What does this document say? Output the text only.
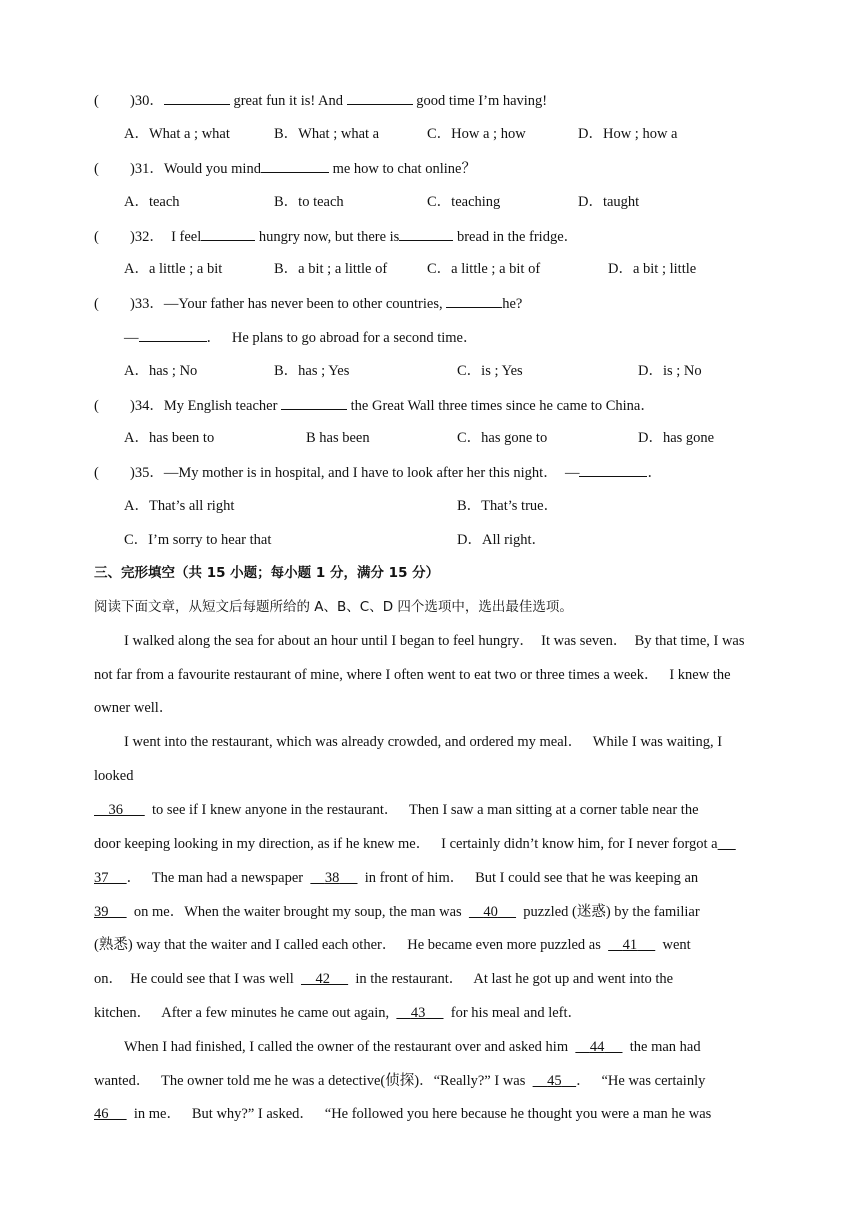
( )30．	great fun it is! And	good time I’m having!
A．What a ; what	B．What ; what a	C．How a ; how	D．How ; how a
( )31．Would you mind	me how to chat online？
A．teach	B．to teach	C．teaching	D．taught
( )32． I feel	hungry now, but there is	bread in the fridge．
A．a little ; a bit	B．a bit ; a little of	C．a little ; a bit of	D．a bit ; little
( )33．—Your father has never been to other countries,	he?
—	．   He plans to go abroad for a second time．
A．has ; No	B．has ; Yes	C．is ; Yes	D．is ; No
( )34．My English teacher	the Great Wall three times since he came to China．
A．has been to	B has been	C．has gone to	D．has gone
( )35．—My mother is in hospital, and I have to look after her this night．  —	．
A．That’s all right	B．That’s true．
C．I’m sorry to hear that	D．All right．
三、完形填空（共 15 小题；每小题 1 分，满分 15 分）
阅读下面文章，从短文后每题所给的 A、B、C、D 四个选项中，选出最佳选项。
I walked along the sea for about an hour until I began to feel hungry．  It was seven．  By that time, I was
not far from a favourite restaurant of mine, where I often went to eat two or three times a week．   I knew the
owner well．
I went into the restaurant, which was already crowded, and ordered my meal．   While I was waiting, I
looked
36 to see if I knew anyone in the restaurant．   Then I saw a man sitting at a corner table near the
door keeping looking in my direction, as if he knew me．   I certainly didn’t know him, for I never forgot a
37 ．   The man had a newspaper 38 in front of him．   But I could see that he was keeping an
39 on me．When the waiter brought my soup, the man was 40 puzzled (迷惑) by the familiar
(熟悉) way that the waiter and I called each other．   He became even more puzzled as 41 went
on．  He could see that I was well 42 in the restaurant．   At last he got up and went into the
kitchen．   After a few minutes he came out again, 43 for his meal and left．
When I had finished, I called the owner of the restaurant over and asked him 44 the man had
wanted．   The owner told me he was a detective(侦探)．“Really?” I was 45 ．   “He was certainly
46 in me．   But why?” I asked．   “He followed you here because he thought you were a man he was
